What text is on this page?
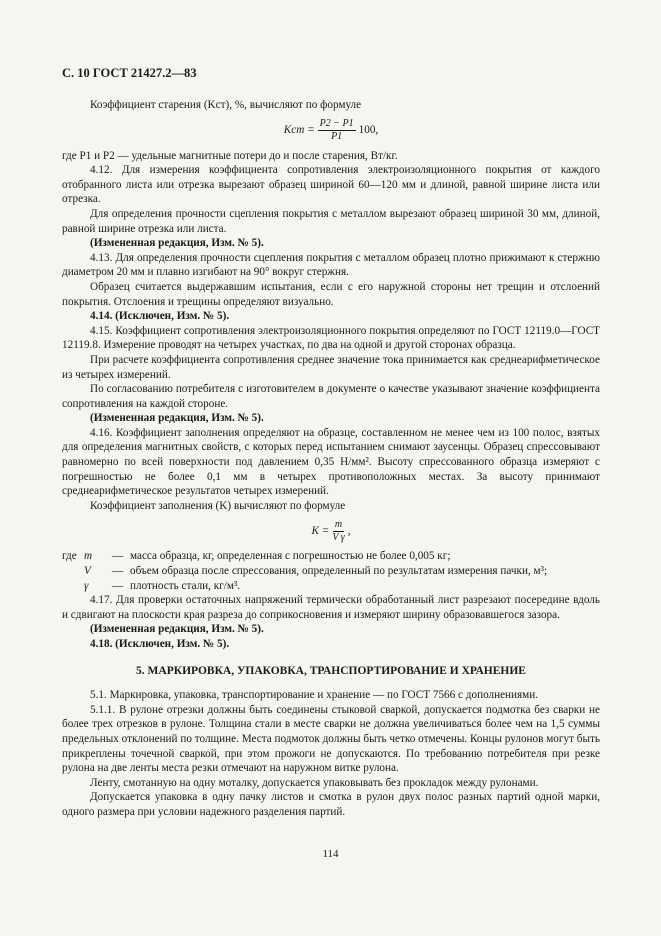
С. 10 ГОСТ 21427.2—83

Коэффициент старения (Kст), %, вычисляют по формуле

Kст = $\frac{P2 - P1}{P1} 100$,

где P1 и P2 — удельные магнитные потери до и после старения, Вт/кг.

4.12. Для измерения коэффициента сопротивления электроизоляционного покрытия от каждого отобранного листа или отрезка вырезают образец шириной 60—120 мм и длиной, равной ширине листа или отрезка.

Для определения прочности сцепления покрытия с металлом вырезают образец шириной 30 мм, длиной, равной ширине отрезка или листа.

(Измененная редакция, Изм. № 5).

4.13. Для определения прочности сцепления покрытия с металлом образец плотно прижимают к стержню диаметром 20 мм и плавно изгибают на 90° вокруг стержня.

Образец считается выдержавшим испытания, если с его наружной стороны нет трещин и отслоений покрытия. Отслоения и трещины определяют визуально.

4.14. (Исключен, Изм. № 5).

4.15. Коэффициент сопротивления электроизоляционного покрытия определяют по ГОСТ 12119.0—ГОСТ 12119.8. Измерение проводят на четырех участках, по два на одной и другой сторонах образца.

При расчете коэффициента сопротивления среднее значение тока принимается как среднеарифметическое из четырех измерений.

По согласованию потребителя с изготовителем в документе о качестве указывают значение коэффициента сопротивления на каждой стороне.

(Измененная редакция, Изм. № 5).

4.16. Коэффициент заполнения определяют на образце, составленном не менее чем из 100 полос, взятых для определения магнитных свойств, с которых перед испытанием снимают заусенцы. Образец спрессовывают равномерно по всей поверхности под давлением 0,35 Н/мм². Высоту спрессованного образца измеряют с погрешностью не более 0,1 мм в четырех противоположных местах. За высоту принимают среднеарифметическое результатов четырех измерений.

Коэффициент заполнения (K) вычисляют по формуле

$K = \frac{m}{\text{V γ}}$ ,
где m	— масса образца, кг, определенная с погрешностью не более 0,005 кг;
V	— объем образца после спрессования, определенный по результатам измерения пачки, м³;
γ	— плотность стали, кг/м³.

4.17. Для проверки остаточных напряжений термически обработанный лист разрезают посередине вдоль и сдвигают на плоскости края разреза до соприкосновения и измеряют ширину образовавшегося зазора.

(Измененная редакция, Изм. № 5).

4.18. (Исключен, Изм. № 5).

5. МАРКИРОВКА, УПАКОВКА, ТРАНСПОРТИРОВАНИЕ И ХРАНЕНИЕ

5.1. Маркировка, упаковка, транспортирование и хранение — по ГОСТ 7566 с дополнениями.

5.1.1. В рулоне отрезки должны быть соединены стыковой сваркой, допускается подмотка без сварки не более трех отрезков в рулоне. Толщина стали в месте сварки не должна увеличиваться более чем на 1,5 суммы предельных отклонений по толщине. Места подмоток должны быть четко отмечены. Концы рулонов могут быть прикреплены точечной сваркой, при этом прожоги не допускаются. По требованию потребителя при резке рулона на две ленты места резки отмечают на наружном витке рулона.

Ленту, смотанную на одну моталку, допускается упаковывать без прокладок между рулонами.

Допускается упаковка в одну пачку листов и смотка в рулон двух полос разных партий одной марки, одного размера при условии надежного разделения партий.

114
